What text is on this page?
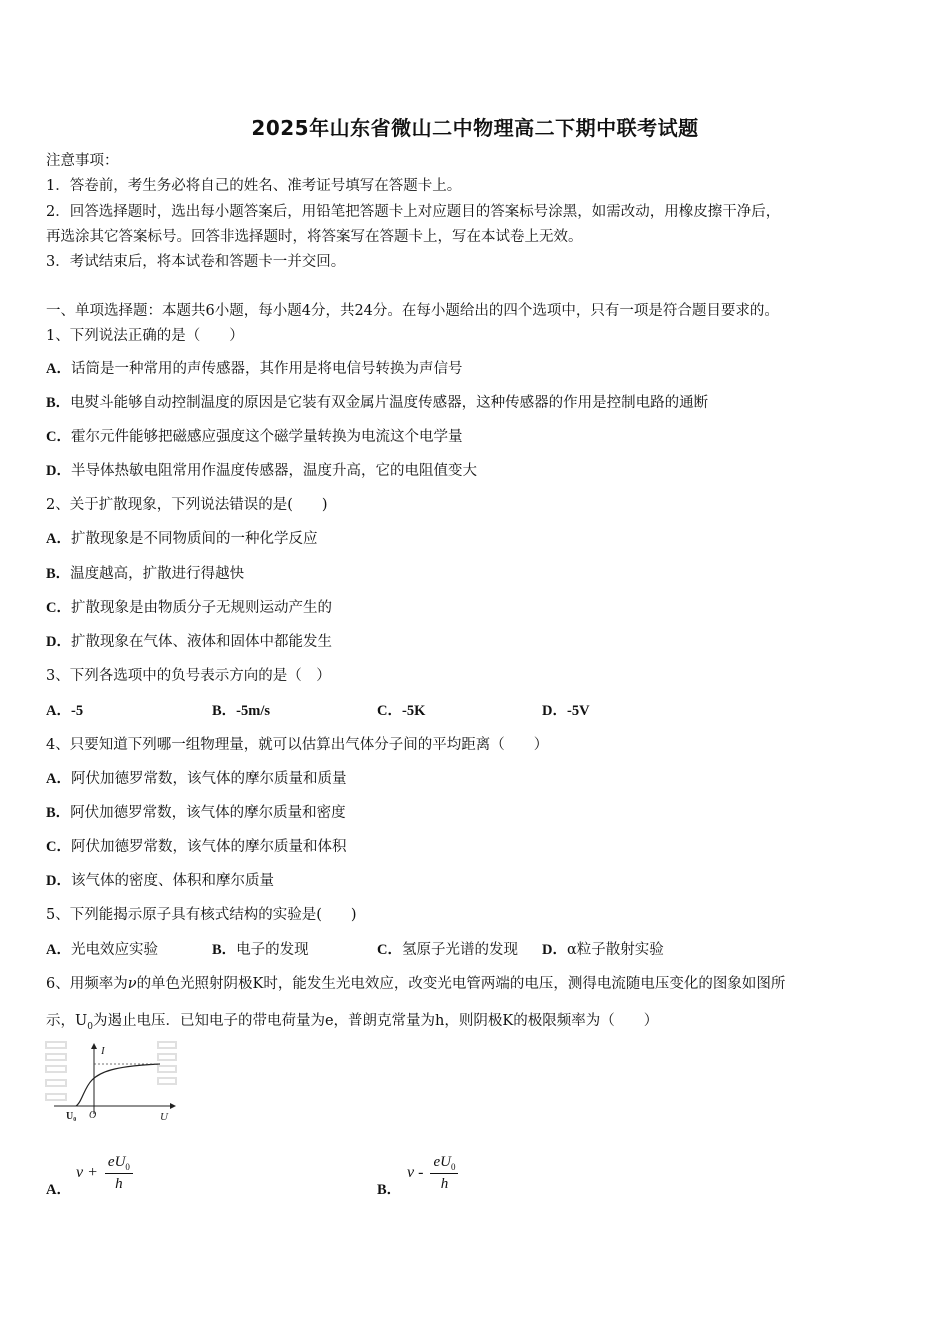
2025年山东省微山二中物理高二下期中联考试题
注意事项：
1．答卷前，考生务必将自己的姓名、准考证号填写在答题卡上。
2．回答选择题时，选出每小题答案后，用铅笔把答题卡上对应题目的答案标号涂黑，如需改动，用橡皮擦干净后，
再选涂其它答案标号。回答非选择题时，将答案写在答题卡上，写在本试卷上无效。
3．考试结束后，将本试卷和答题卡一并交回。
一、单项选择题：本题共6小题，每小题4分，共24分。在每小题给出的四个选项中，只有一项是符合题目要求的。
1、下列说法正确的是（　　）
A．话筒是一种常用的声传感器，其作用是将电信号转换为声信号
B．电熨斗能够自动控制温度的原因是它装有双金属片温度传感器，这种传感器的作用是控制电路的通断
C．霍尔元件能够把磁感应强度这个磁学量转换为电流这个电学量
D．半导体热敏电阻常用作温度传感器，温度升高，它的电阻值变大
2、关于扩散现象，下列说法错误的是(　　)
A．扩散现象是不同物质间的一种化学反应
B．温度越高，扩散进行得越快
C．扩散现象是由物质分子无规则运动产生的
D．扩散现象在气体、液体和固体中都能发生
3、下列各选项中的负号表示方向的是（　）
A．-5	B．-5m/s	C．-5K	D．-5V
4、只要知道下列哪一组物理量，就可以估算出气体分子间的平均距离（　　）
A．阿伏加德罗常数，该气体的摩尔质量和质量
B．阿伏加德罗常数，该气体的摩尔质量和密度
C．阿伏加德罗常数，该气体的摩尔质量和体积
D．该气体的密度、体积和摩尔质量
5、下列能揭示原子具有核式结构的实验是(　　)
A．光电效应实验	B．电子的发现	C．氢原子光谱的发现 D．α粒子散射实验
6、用频率为ν的单色光照射阴极K时，能发生光电效应，改变光电管两端的电压，测得电流随电压变化的图象如图所
示，$U_0$为遏止电压．已知电子的带电荷量为e，普朗克常量为h，则阴极K的极限频率为（　　）
I
U₀ O	U
A．
$\nu + \frac{eU_0}{h}$	B．
ν - $\frac{eU_0}{h}$
